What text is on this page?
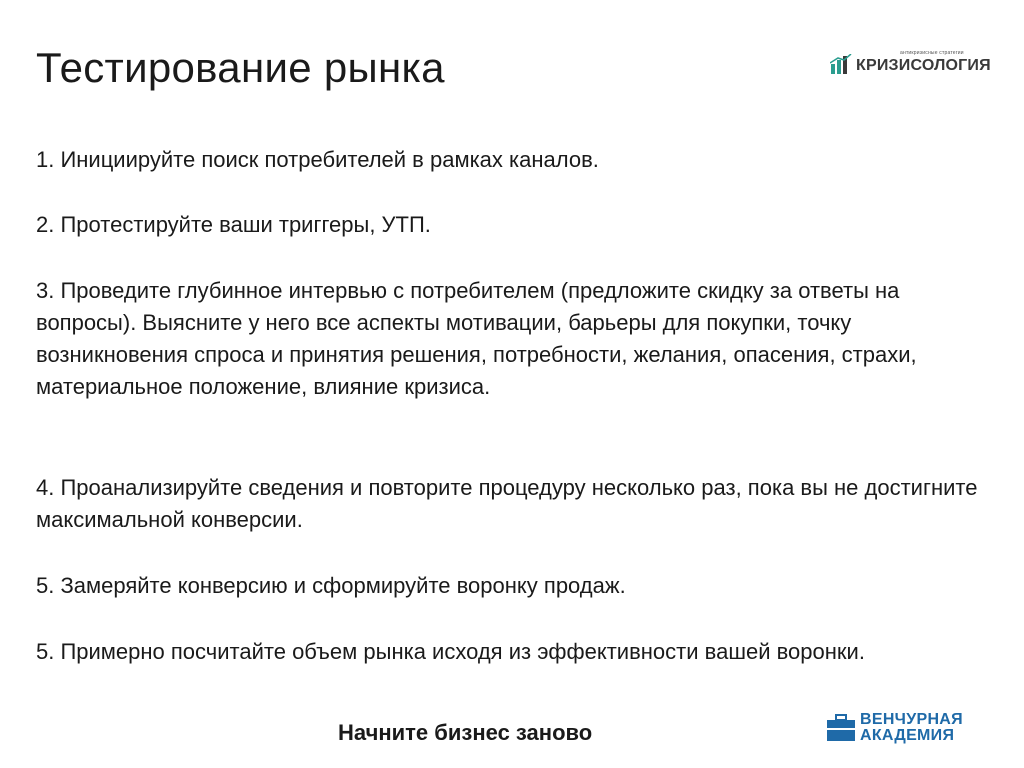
Тестирование рынка	антикризисные стратегии
КРИЗИСОЛОГИЯ

1. Инициируйте поиск потребителей в рамках каналов.

2. Протестируйте ваши триггеры, УТП.

3. Проведите глубинное интервью с потребителем (предложите скидку за ответы на вопросы). Выясните у него все аспекты мотивации, барьеры для покупки, точку возникновения спроса и принятия решения, потребности, желания, опасения, страхи, материальное положение, влияние кризиса.

4. Проанализируйте сведения и повторите процедуру несколько раз, пока вы не достигните максимальной конверсии.

5. Замеряйте конверсию и сформируйте воронку продаж.

5. Примерно посчитайте объем рынка исходя из эффективности вашей воронки.

Начните бизнес заново
ВЕНЧУРНАЯ
АКАДЕМИЯ
